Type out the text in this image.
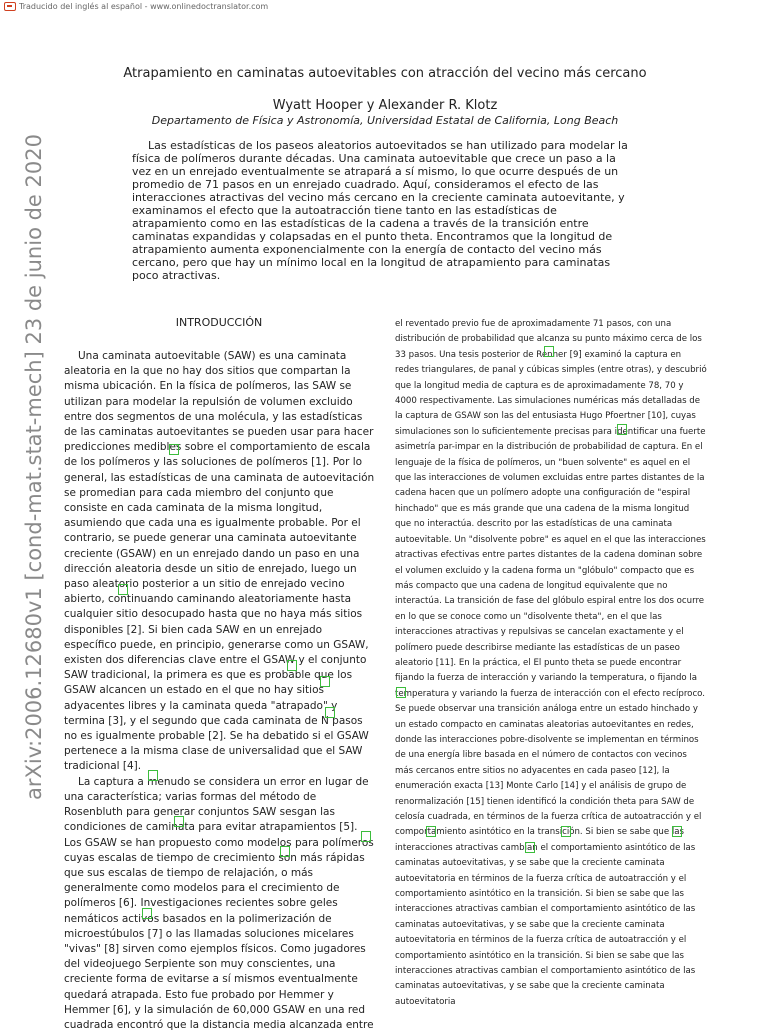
Traducido del inglés al español - www.onlinedoctranslator.com
arXiv:2006.12680v1 [cond-mat.stat-mech] 23 de junio de 2020
Atrapamiento en caminatas autoevitables con atracción del vecino más cercano
Wyatt Hooper y Alexander R. Klotz
Departamento de Física y Astronomía, Universidad Estatal de California, Long Beach

Las estadísticas de los paseos aleatorios autoevitados se han utilizado para modelar la física de polímeros durante décadas. Una caminata autoevitable que crece un paso a la vez en un enrejado eventualmente se atrapará a sí mismo, lo que ocurre después de un promedio de 71 pasos en un enrejado cuadrado. Aquí, consideramos el efecto de las interacciones atractivas del vecino más cercano en la creciente caminata autoevitante, y examinamos el efecto que la autoatracción tiene tanto en las estadísticas de atrapamiento como en las estadísticas de la cadena a través de la transición entre caminatas expandidas y colapsadas en el punto theta. Encontramos que la longitud de atrapamiento aumenta exponencialmente con la energía de contacto del vecino más cercano, pero que hay un mínimo local en la longitud de atrapamiento para caminatas poco atractivas.

INTRODUCCIÓN

Una caminata autoevitable (SAW) es una caminata aleatoria en la que no hay dos sitios que compartan la misma ubicación. En la física de polímeros, las SAW se utilizan para modelar la repulsión de volumen excluido entre dos segmentos de una molécula, y las estadísticas de las caminatas autoevitantes se pueden usar para hacer predicciones medibles sobre el comportamiento de escala de los polímeros y las soluciones de polímeros [1]. Por lo general, las estadísticas de una caminata de autoevitación se promedian para cada miembro del conjunto que consiste en cada caminata de la misma longitud, asumiendo que cada una es igualmente probable. Por el contrario, se puede generar una caminata autoevitante creciente (GSAW) en un enrejado dando un paso en una dirección aleatoria desde un sitio de enrejado, luego un paso aleatorio posterior a un sitio de enrejado vecino abierto, continuando caminando aleatoriamente hasta cualquier sitio desocupado hasta que no haya más sitios disponibles [2]. Si bien cada SAW en un enrejado específico puede, en principio, generarse como un GSAW, existen dos diferencias clave entre el GSAW y el conjunto SAW tradicional, la primera es que es probable que los GSAW alcancen un estado en el que no hay sitios adyacentes libres y la caminata queda "atrapado" y termina [3], y el segundo que cada caminata de N pasos no es igualmente probable [2]. Se ha debatido si el GSAW pertenece a la misma clase de universalidad que el SAW tradicional [4].

La captura a menudo se considera un error en lugar de una característica; varias formas del método de Rosenbluth para generar conjuntos SAW sesgan las condiciones de caminata para evitar atrapamientos [5]. Los GSAW se han propuesto como modelos para polímeros cuyas escalas de tiempo de crecimiento son más rápidas que sus escalas de tiempo de relajación, o más generalmente como modelos para el crecimiento de polímeros [6]. Investigaciones recientes sobre geles nemáticos activos basados en la polimerización de microestúbulos [7] o las llamadas soluciones micelares "vivas" [8] sirven como ejemplos físicos. Como jugadores del videojuego Serpiente son muy conscientes, una creciente forma de evitarse a sí mismos eventualmente quedará atrapada. Esto fue probado por Hemmer y Hemmer [6], y la simulación de 60,000 GSAW en una red cuadrada encontró que la distancia media alcanzada entre

el reventado previo fue de aproximadamente 71 pasos, con una distribución de probabilidad que alcanza su punto máximo cerca de los 33 pasos. Una tesis posterior de Renner [9] examinó la captura en redes triangulares, de panal y cúbicas simples (entre otras), y descubrió que la longitud media de captura es de aproximadamente 78, 70 y 4000 respectivamente. Las simulaciones numéricas más detalladas de la captura de GSAW son las del entusiasta Hugo Pfoertner [10], cuyas simulaciones son lo suficientemente precisas para identificar una fuerte asimetría par-impar en la distribución de probabilidad de captura. En el lenguaje de la física de polímeros, un "buen solvente" es aquel en el que las interacciones de volumen excluidas entre partes distantes de la cadena hacen que un polímero adopte una configuración de "espiral hinchado" que es más grande que una cadena de la misma longitud que no interactúa. descrito por las estadísticas de una caminata autoevitable. Un "disolvente pobre" es aquel en el que las interacciones atractivas efectivas entre partes distantes de la cadena dominan sobre el volumen excluido y la cadena forma un "glóbulo" compacto que es más compacto que una cadena de longitud equivalente que no interactúa. La transición de fase del glóbulo espiral entre los dos ocurre en lo que se conoce como un "disolvente theta", en el que las interacciones atractivas y repulsivas se cancelan exactamente y el polímero puede describirse mediante las estadísticas de un paseo aleatorio [11]. En la práctica, el El punto theta se puede encontrar fijando la fuerza de interacción y variando la temperatura, o fijando la temperatura y variando la fuerza de interacción con el efecto recíproco. Se puede observar una transición análoga entre un estado hinchado y un estado compacto en caminatas aleatorias autoevitantes en redes, donde las interacciones pobre-disolvente se implementan en términos de una energía libre basada en el número de contactos con vecinos más cercanos entre sitios no adyacentes en cada paseo [12], la enumeración exacta [13] Monte Carlo [14] y el análisis de grupo de renormalización [15] tienen identificó la condición theta para SAW de celosía cuadrada, en términos de la fuerza crítica de autoatracción y el comportamiento asintótico en la transición. Si bien se sabe que las interacciones atractivas cambian el comportamiento asintótico de las caminatas autoevitativas, y se sabe que la creciente caminata autoevitatoria en términos de la fuerza crítica de autoatracción y el comportamiento asintótico en la transición. Si bien se sabe que las interacciones atractivas cambian el comportamiento asintótico de las caminatas autoevitativas, y se sabe que la creciente caminata autoevitatoria en términos de la fuerza crítica de autoatracción y el comportamiento asintótico en la transición. Si bien se sabe que las interacciones atractivas cambian el comportamiento asintótico de las caminatas autoevitativas, y se sabe que la creciente caminata autoevitatoria
